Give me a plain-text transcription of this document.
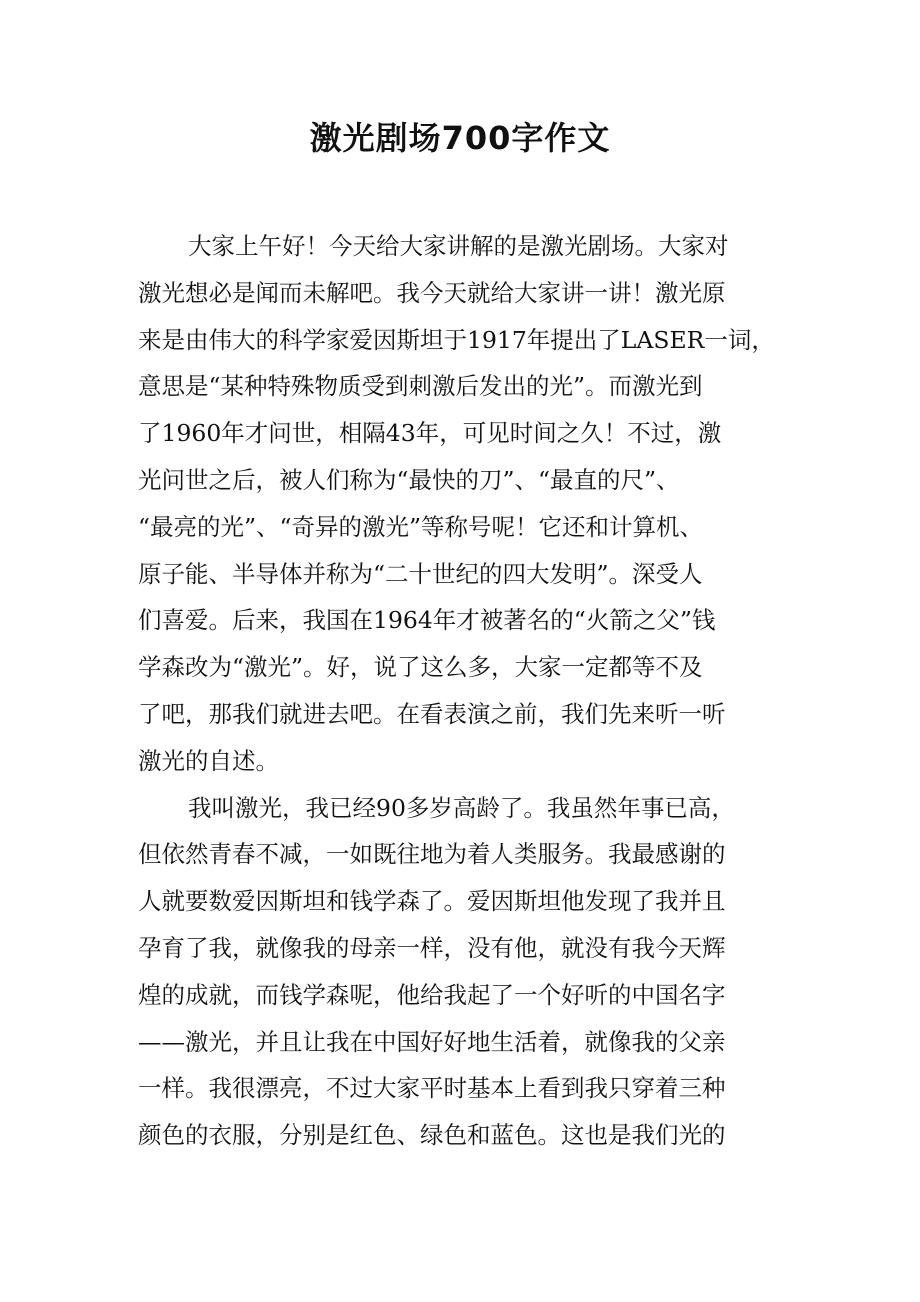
激光剧场700字作文
大家上午好！今天给大家讲解的是激光剧场。大家对
激光想必是闻而未解吧。我今天就给大家讲一讲！激光原
来是由伟大的科学家爱因斯坦于1917年提出了LASER一词，
意思是“某种特殊物质受到刺激后发出的光”。而激光到
了1960年才问世，相隔43年，可见时间之久！不过，激
光问世之后，被人们称为“最快的刀”、“最直的尺”、
“最亮的光”、“奇异的激光”等称号呢！它还和计算机、
原子能、半导体并称为“二十世纪的四大发明”。深受人
们喜爱。后来，我国在1964年才被著名的“火箭之父”钱
学森改为“激光”。好，说了这么多，大家一定都等不及
了吧，那我们就进去吧。在看表演之前，我们先来听一听
激光的自述。
我叫激光，我已经90多岁高龄了。我虽然年事已高，
但依然青春不减，一如既往地为着人类服务。我最感谢的
人就要数爱因斯坦和钱学森了。爱因斯坦他发现了我并且
孕育了我，就像我的母亲一样，没有他，就没有我今天辉
煌的成就，而钱学森呢，他给我起了一个好听的中国名字
——激光，并且让我在中国好好地生活着，就像我的父亲
一样。我很漂亮，不过大家平时基本上看到我只穿着三种
颜色的衣服，分别是红色、绿色和蓝色。这也是我们光的
